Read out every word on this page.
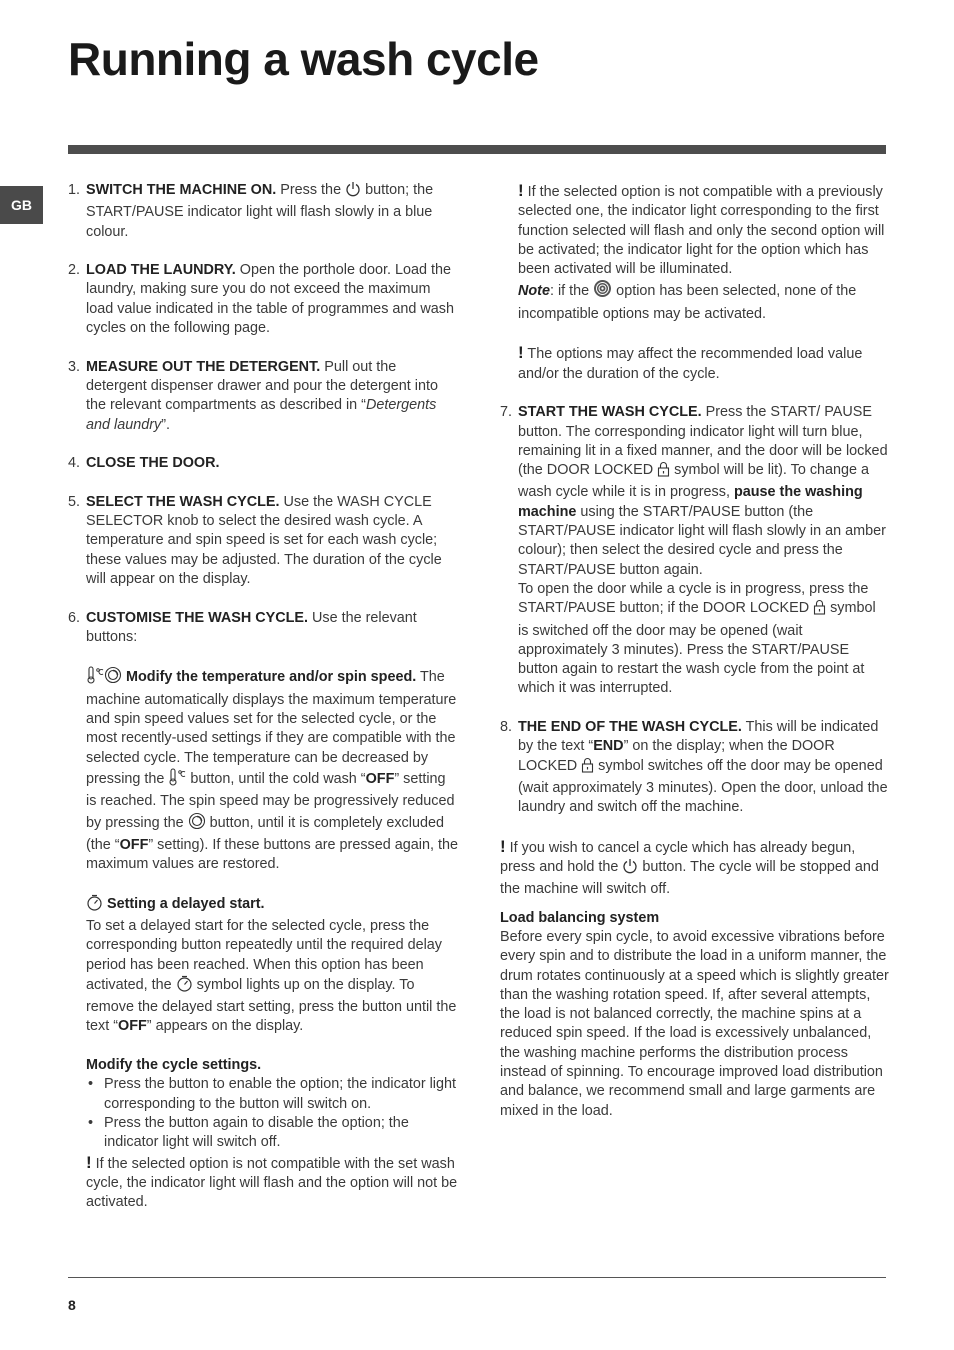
Running a wash cycle
GB
1. SWITCH THE MACHINE ON. Press the  button; the START/PAUSE indicator light will flash slowly in a blue colour.
2. LOAD THE LAUNDRY. Open the porthole door. Load the laundry, making sure you do not exceed the maximum load value indicated in the table of programmes and wash cycles on the following page.
3. MEASURE OUT THE DETERGENT. Pull out the detergent dispenser drawer and pour the detergent into the relevant compartments as described in “Detergents and laundry”.
4. CLOSE THE DOOR.
5. SELECT THE WASH CYCLE. Use the WASH CYCLE SELECTOR knob to select the desired wash cycle. A temperature and spin speed is set for each wash cycle; these values may be adjusted. The duration of the cycle will appear on the display.
6. CUSTOMISE THE WASH CYCLE. Use the relevant buttons:
Modify the temperature and/or spin speed. The machine automatically displays the maximum temperature and spin speed values set for the selected cycle, or the most recently-used settings if they are compatible with the selected cycle. The temperature can be decreased by pressing the  button, until the cold wash “OFF” setting is reached. The spin speed may be progressively reduced by pressing the  button, until it is completely excluded (the “OFF” setting). If these buttons are pressed again, the maximum values are restored.
Setting a delayed start.
To set a delayed start for the selected cycle, press the corresponding button repeatedly until the required delay period has been reached. When this option has been activated, the  symbol lights up on the display. To remove the delayed start setting, press the button until the text “OFF” appears on the display.
Modify the cycle settings.
• Press the button to enable the option; the indicator light corresponding to the button will switch on.
• Press the button again to disable the option; the indicator light will switch off.
! If the selected option is not compatible with the set wash cycle, the indicator light will flash and the option will not be activated.
! If the selected option is not compatible with a previously selected one, the indicator light corresponding to the first function selected will flash and only the second option will be activated; the indicator light for the option which has been activated will be illuminated.
Note: if the  option has been selected, none of the incompatible options may be activated.
! The options may affect the recommended load value and/or the duration of the cycle.
7. START THE WASH CYCLE. Press the START/ PAUSE button. The corresponding indicator light will turn blue, remaining lit in a fixed manner, and the door will be locked (the DOOR LOCKED  symbol will be lit). To change a wash cycle while it is in progress, pause the washing machine using the START/PAUSE button (the START/PAUSE indicator light will flash slowly in an amber colour); then select the desired cycle and press the START/PAUSE button again.
To open the door while a cycle is in progress, press the START/PAUSE button; if the DOOR LOCKED  symbol is switched off the door may be opened (wait approximately 3 minutes). Press the START/PAUSE button again to restart the wash cycle from the point at which it was interrupted.
8. THE END OF THE WASH CYCLE. This will be indicated by the text “END” on the display; when the DOOR LOCKED  symbol switches off the door may be opened (wait approximately 3 minutes). Open the door, unload the laundry and switch off the machine.
! If you wish to cancel a cycle which has already begun, press and hold the  button. The cycle will be stopped and the machine will switch off.
Load balancing system
Before every spin cycle, to avoid excessive vibrations before every spin and to distribute the load in a uniform manner, the drum rotates continuously at a speed which is slightly greater than the washing rotation speed. If, after several attempts, the load is not balanced correctly, the machine spins at a reduced spin speed. If the load is excessively unbalanced, the washing machine performs the distribution process instead of spinning. To encourage improved load distribution and balance, we recommend small and large garments are mixed in the load.
8
